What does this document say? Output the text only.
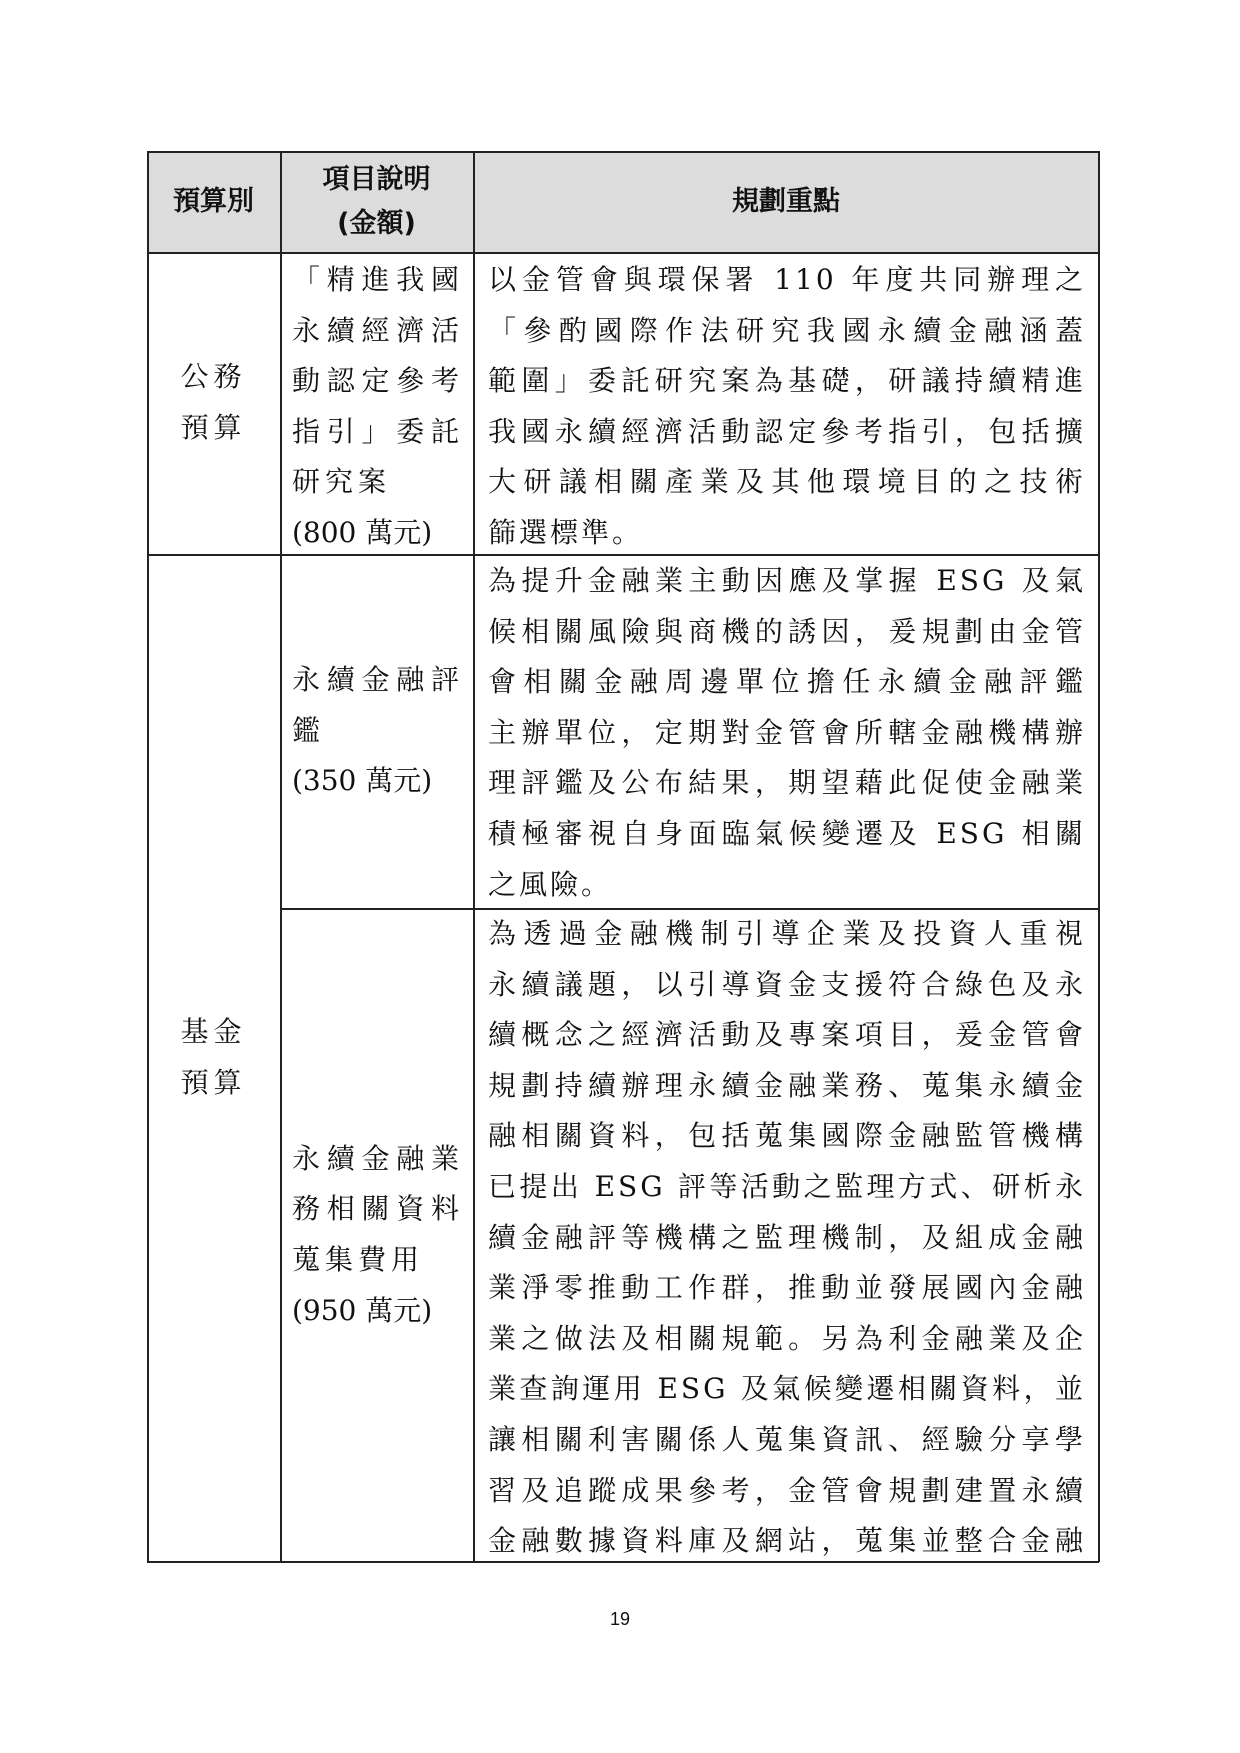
預算別
項目說明
(金額)
規劃重點
公務
預算
「精進我國
永續經濟活
動認定參考
指引」委託
研究案
(800 萬元)
以金管會與環保署 110 年度共同辦理之
「參酌國際作法研究我國永續金融涵蓋
範圍」委託研究案為基礎，研議持續精進
我國永續經濟活動認定參考指引，包括擴
大研議相關產業及其他環境目的之技術
篩選標準。
基金
預算
永續金融評
鑑
(350 萬元)
為提升金融業主動因應及掌握 ESG 及氣
候相關風險與商機的誘因，爰規劃由金管
會相關金融周邊單位擔任永續金融評鑑
主辦單位，定期對金管會所轄金融機構辦
理評鑑及公布結果，期望藉此促使金融業
積極審視自身面臨氣候變遷及 ESG 相關
之風險。
永續金融業
務相關資料
蒐集費用
(950 萬元)
為透過金融機制引導企業及投資人重視
永續議題，以引導資金支援符合綠色及永
續概念之經濟活動及專案項目，爰金管會
規劃持續辦理永續金融業務、蒐集永續金
融相關資料，包括蒐集國際金融監管機構
已提出 ESG 評等活動之監理方式、研析永
續金融評等機構之監理機制，及組成金融
業淨零推動工作群，推動並發展國內金融
業之做法及相關規範。另為利金融業及企
業查詢運用 ESG 及氣候變遷相關資料，並
讓相關利害關係人蒐集資訊、經驗分享學
習及追蹤成果參考，金管會規劃建置永續
金融數據資料庫及網站，蒐集並整合金融
19
